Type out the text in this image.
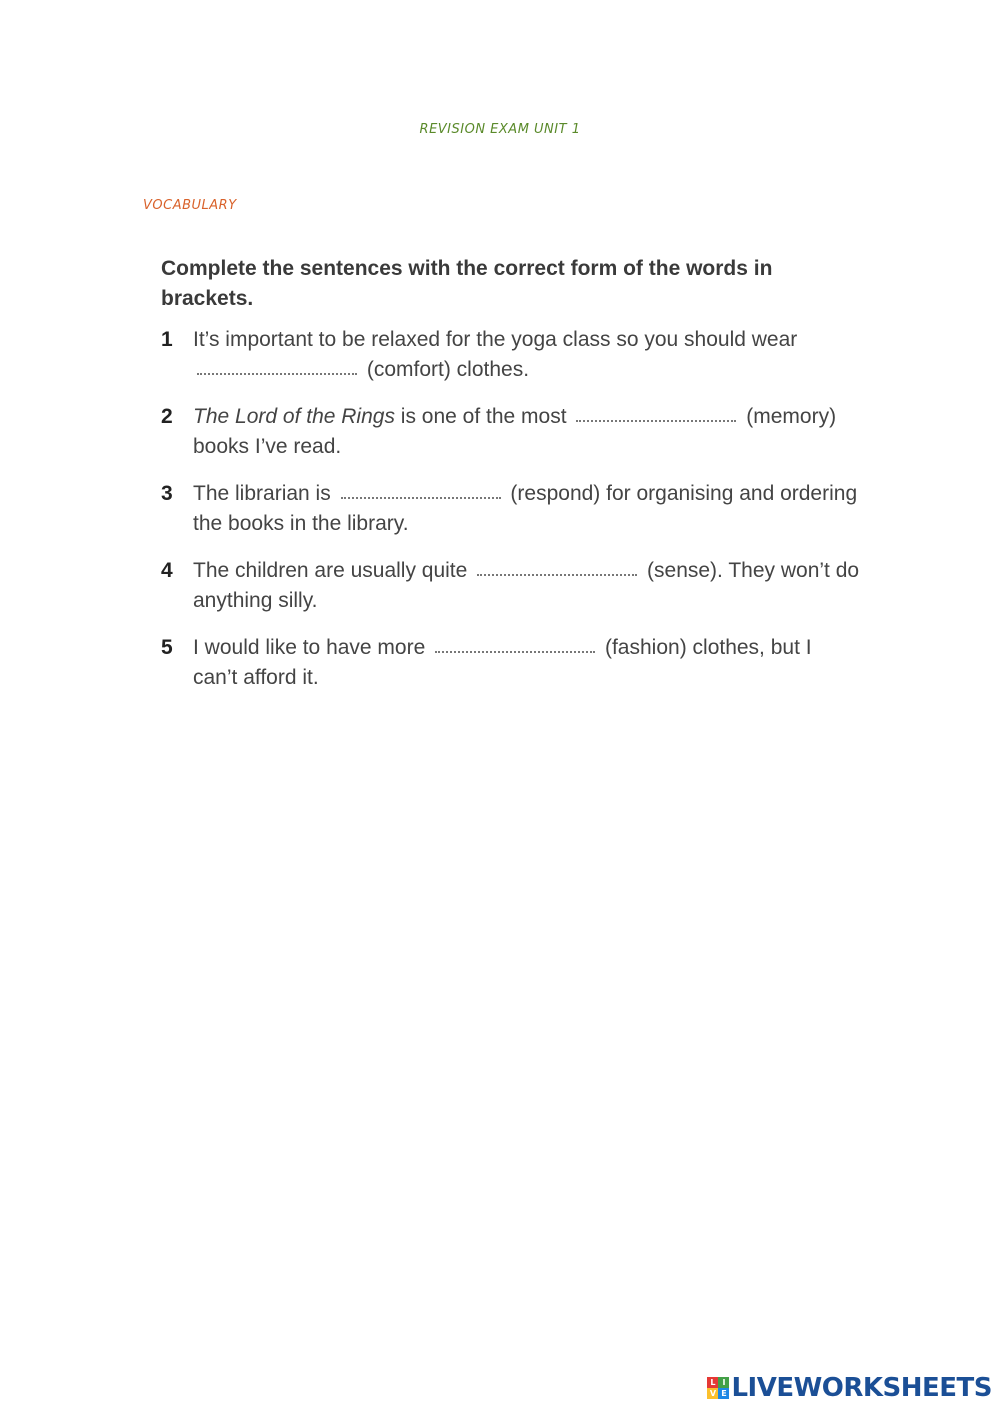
REVISION EXAM UNIT 1
VOCABULARY
Complete the sentences with the correct form of the words in brackets.
1 It’s important to be relaxed for the yoga class so you should wear  (comfort) clothes.
2 The Lord of the Rings is one of the most	(memory) books I’ve read.
3 The librarian is	(respond) for organising and ordering the books in the library.
4 The children are usually quite	(sense). They won’t do anything silly.
5 I would like to have more	(fashion) clothes, but I can’t afford it.
L I
V E LIVEWORKSHEETS
